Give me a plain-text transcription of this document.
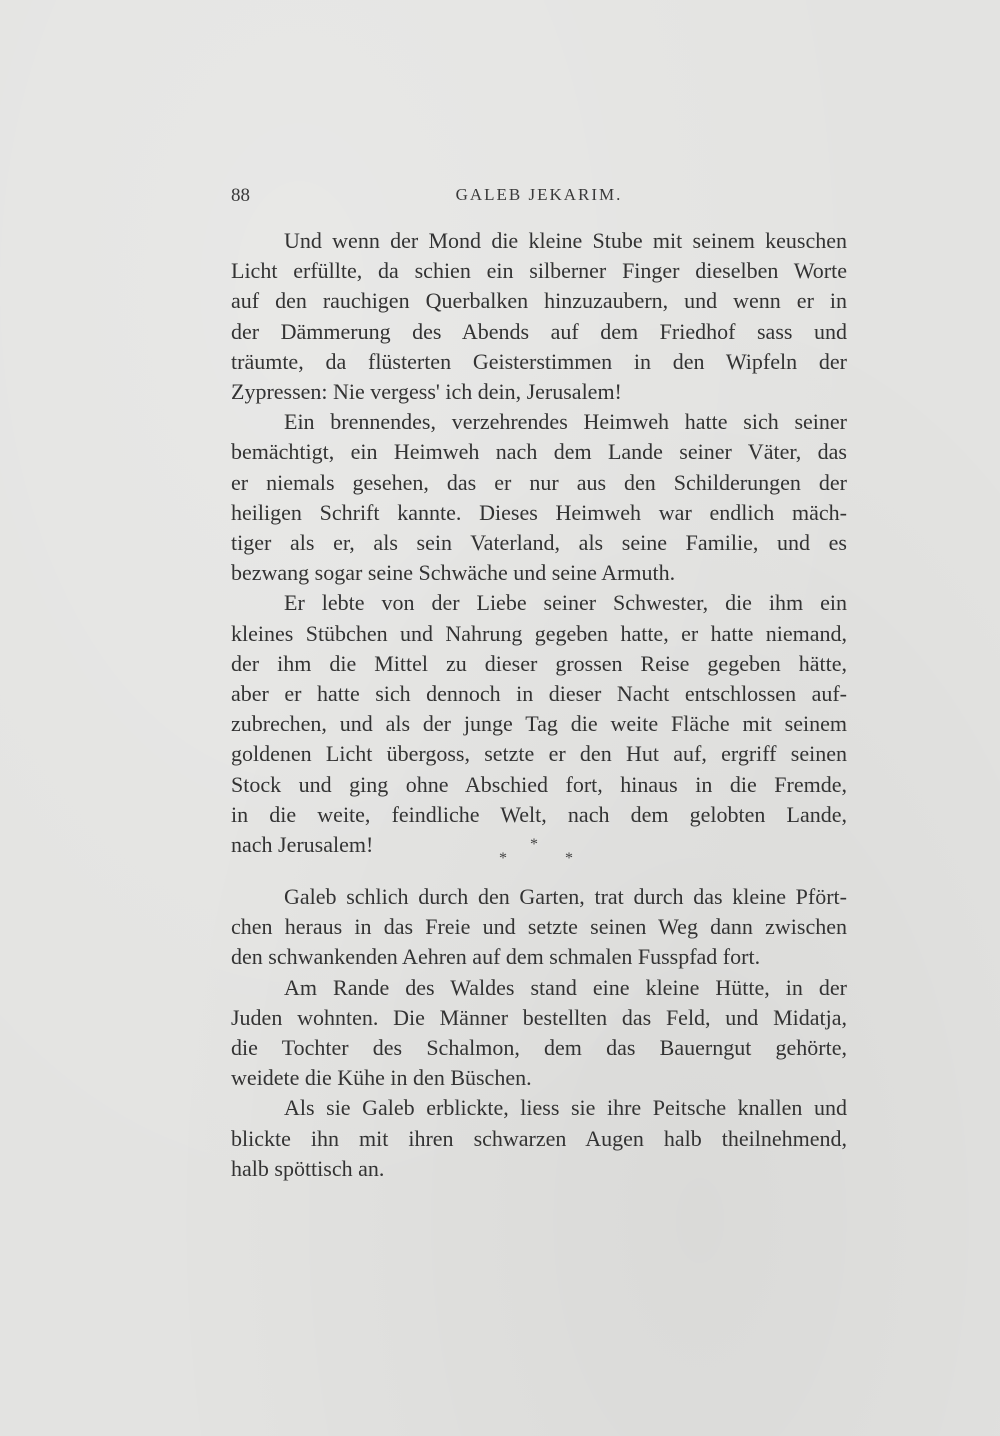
88	GALEB JEKARIM.
Und wenn der Mond die kleine Stube mit seinem keuschen
Licht erfüllte, da schien ein silberner Finger dieselben Worte
auf den rauchigen Querbalken hinzuzaubern, und wenn er in
der Dämmerung des Abends auf dem Friedhof sass und
träumte, da flüsterten Geisterstimmen in den Wipfeln der
Zypressen: Nie vergess' ich dein, Jerusalem!
Ein brennendes, verzehrendes Heimweh hatte sich seiner
bemächtigt, ein Heimweh nach dem Lande seiner Väter, das
er niemals gesehen, das er nur aus den Schilderungen der
heiligen Schrift kannte. Dieses Heimweh war endlich mäch-
tiger als er, als sein Vaterland, als seine Familie, und es
bezwang sogar seine Schwäche und seine Armuth.
Er lebte von der Liebe seiner Schwester, die ihm ein
kleines Stübchen und Nahrung gegeben hatte, er hatte niemand,
der ihm die Mittel zu dieser grossen Reise gegeben hätte,
aber er hatte sich dennoch in dieser Nacht entschlossen auf-
zubrechen, und als der junge Tag die weite Fläche mit seinem
goldenen Licht übergoss, setzte er den Hut auf, ergriff seinen
Stock und ging ohne Abschied fort, hinaus in die Fremde,
in die weite, feindliche Welt, nach dem gelobten Lande,
nach Jerusalem!	*
*	*
Galeb schlich durch den Garten, trat durch das kleine Pfört-
chen heraus in das Freie und setzte seinen Weg dann zwischen
den schwankenden Aehren auf dem schmalen Fusspfad fort.
Am Rande des Waldes stand eine kleine Hütte, in der
Juden wohnten. Die Männer bestellten das Feld, und Midatja,
die Tochter des Schalmon, dem das Bauerngut gehörte,
weidete die Kühe in den Büschen.
Als sie Galeb erblickte, liess sie ihre Peitsche knallen und
blickte ihn mit ihren schwarzen Augen halb theilnehmend,
halb spöttisch an.
